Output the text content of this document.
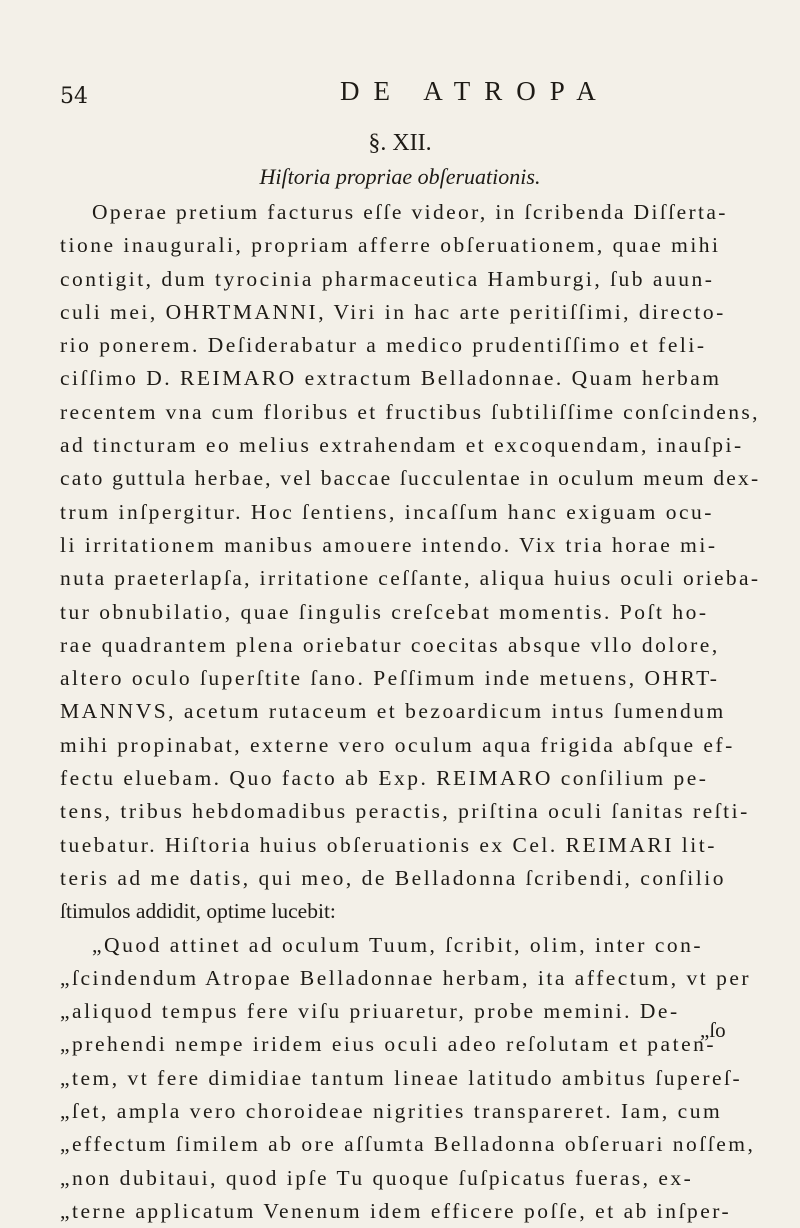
54	DE ATROPA
§. XII.
Hiſtoria propriae obſeruationis.
Operae pretium facturus eſſe videor, in ſcribenda Diſſerta-
tione inaugurali, propriam afferre obſeruationem, quae mihi
contigit, dum tyrocinia pharmaceutica Hamburgi, ſub auun-
culi mei, OHRTMANNI, Viri in hac arte peritiſſimi, directo-
rio ponerem. Deſiderabatur a medico prudentiſſimo et feli-
ciſſimo D. REIMARO extractum Belladonnae. Quam herbam
recentem vna cum floribus et fructibus ſubtiliſſime conſcindens,
ad tincturam eo melius extrahendam et excoquendam, inauſpi-
cato guttula herbae, vel baccae ſucculentae in oculum meum dex-
trum inſpergitur. Hoc ſentiens, incaſſum hanc exiguam ocu-
li irritationem manibus amouere intendo. Vix tria horae mi-
nuta praeterlapſa, irritatione ceſſante, aliqua huius oculi orieba-
tur obnubilatio, quae ſingulis creſcebat momentis. Poſt ho-
rae quadrantem plena oriebatur coecitas absque vllo dolore,
altero oculo ſuperſtite ſano. Peſſimum inde metuens, OHRT-
MANNVS, acetum rutaceum et bezoardicum intus ſumendum
mihi propinabat, externe vero oculum aqua frigida abſque ef-
fectu eluebam. Quo facto ab Exp. REIMARO conſilium pe-
tens, tribus hebdomadibus peractis, priſtina oculi ſanitas reſti-
tuebatur. Hiſtoria huius obſeruationis ex Cel. REIMARI lit-
teris ad me datis, qui meo, de Belladonna ſcribendi, conſilio
ſtimulos addidit, optime lucebit:
„Quod attinet ad oculum Tuum, ſcribit, olim, inter con-
„ſcindendum Atropae Belladonnae herbam, ita affectum, vt per
„aliquod tempus fere viſu priuaretur, probe memini. De-
„prehendi nempe iridem eius oculi adeo reſolutam et paten-
„tem, vt fere dimidiae tantum lineae latitudo ambitus ſupereſ-
„ſet, ampla vero choroideae nigrities transpareret. Iam, cum
„effectum ſimilem ab ore aſſumta Belladonna obſeruari noſſem,
„non dubitaui, quod ipſe Tu quoque ſuſpicatus fueras, ex-
„terne applicatum Venenum idem efficere poſſe, et ab inſper-
„ſo
